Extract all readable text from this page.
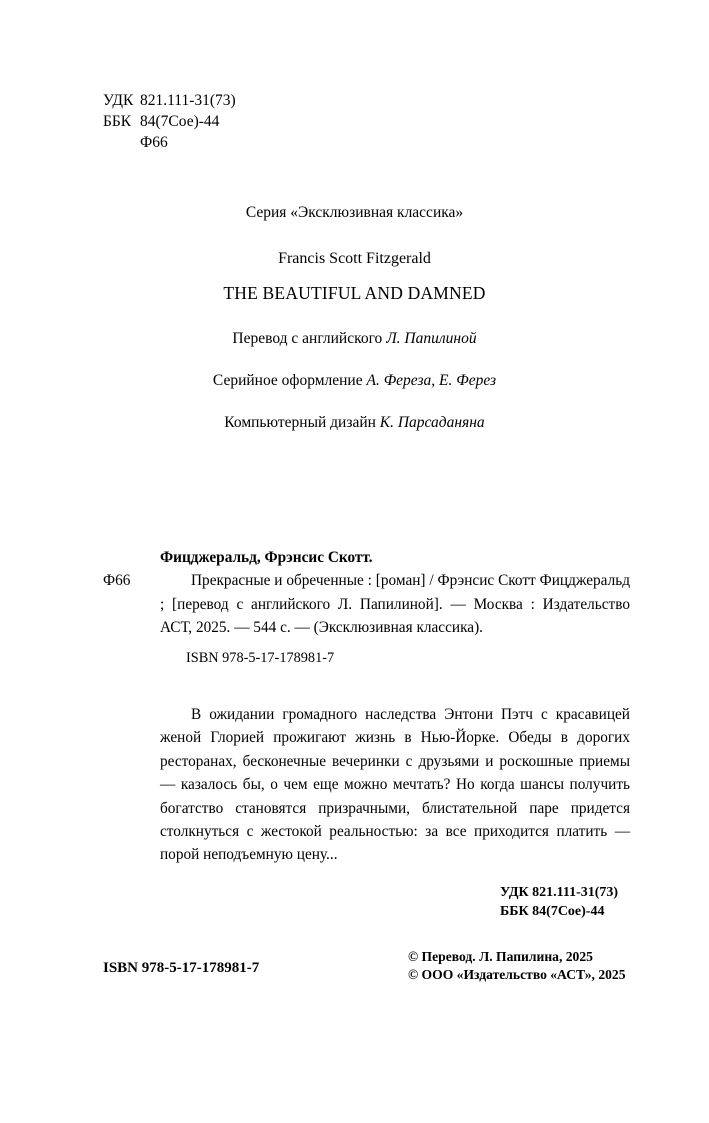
УДК 821.111-31(73)
ББК 84(7Сое)-44
Ф66
Серия «Эксклюзивная классика»
Francis Scott Fitzgerald
THE BEAUTIFUL AND DAMNED
Перевод с английского Л. Папилиной
Серийное оформление А. Фереза, Е. Ферез
Компьютерный дизайн К. Парсаданяна
Фицджеральд, Фрэнсис Скотт.
Ф66	Прекрасные и обреченные : [роман] / Фрэнсис Скотт Фицджеральд ; [перевод с английского Л. Папилиной]. — Москва : Издательство АСТ, 2025. — 544 с. — (Эксклюзивная классика).
ISBN 978-5-17-178981-7
В ожидании громадного наследства Энтони Пэтч с красавицей женой Глорией прожигают жизнь в Нью-Йорке. Обеды в дорогих ресторанах, бесконечные вечеринки с друзьями и роскошные приемы — казалось бы, о чем еще можно мечтать? Но когда шансы получить богатство становятся призрачными, блистательной паре придется столкнуться с жестокой реальностью: за все приходится платить — порой неподъемную цену...
УДК 821.111-31(73)
ББК 84(7Сое)-44
© Перевод. Л. Папилина, 2025
© ООО «Издательство «АСТ», 2025
ISBN 978-5-17-178981-7
